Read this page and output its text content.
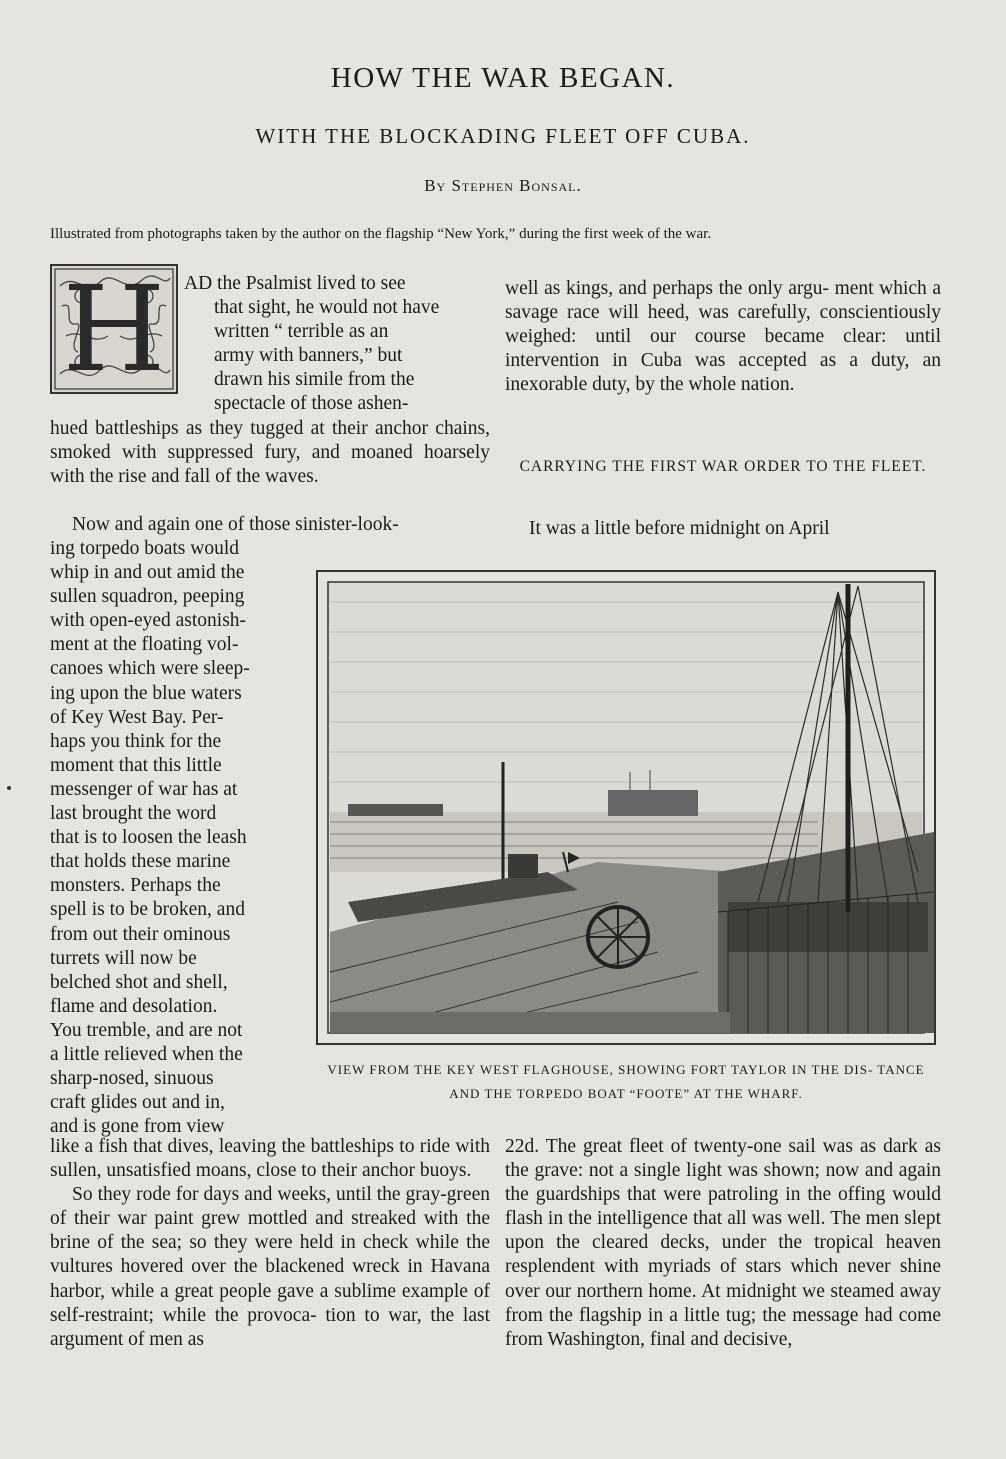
HOW THE WAR BEGAN.
WITH THE BLOCKADING FLEET OFF CUBA.

By Stephen Bonsal.

Illustrated from photographs taken by the author on the flagship “New York,” during the first week of the war.

H AD the Psalmist lived to see

that sight, he would not have

written “ terrible as an

army with banners,” but

drawn his simile from the

spectacle of those ashen-

hued battleships as they tugged at their anchor chains, smoked with suppressed fury, and moaned hoarsely with the rise and fall of the waves.

Now and again one of those sinister-look-

ing torpedo boats would

whip in and out amid the

sullen squadron, peeping

with open-eyed astonish-

ment at the floating vol-

canoes which were sleep-

ing upon the blue waters

of Key West Bay. Per-

haps you think for the

moment that this little

messenger of war has at

last brought the word

that is to loosen the leash

that holds these marine

monsters. Perhaps the

spell is to be broken, and

from out their ominous

turrets will now be

belched shot and shell,

flame and desolation.

You tremble, and are not

a little relieved when the

sharp-nosed, sinuous

craft glides out and in,

and is gone from view

like a fish that dives, leaving the battleships to ride with sullen, unsatisfied moans, close to their anchor buoys.

So they rode for days and weeks, until the gray-green of their war paint grew mottled and streaked with the brine of the sea; so they were held in check while the vultures hovered over the blackened wreck in Havana harbor, while a great people gave a sublime example of self-restraint; while the provoca- tion to war, the last argument of men as

well as kings, and perhaps the only argu- ment which a savage race will heed, was carefully, conscientiously weighed: until our course became clear: until intervention in Cuba was accepted as a duty, an inexorable duty, by the whole nation.

CARRYING THE FIRST WAR ORDER TO THE FLEET.

It was a little before midnight on April

VIEW FROM THE KEY WEST FLAGHOUSE, SHOWING FORT TAYLOR IN THE DIS- TANCE AND THE TORPEDO BOAT “FOOTE” AT THE WHARF.

22d. The great fleet of twenty-one sail was as dark as the grave: not a single light was shown; now and again the guardships that were patroling in the offing would flash in the intelligence that all was well. The men slept upon the cleared decks, under the tropical heaven resplendent with myriads of stars which never shine over our northern home. At midnight we steamed away from the flagship in a little tug; the message had come from Washington, final and decisive,
